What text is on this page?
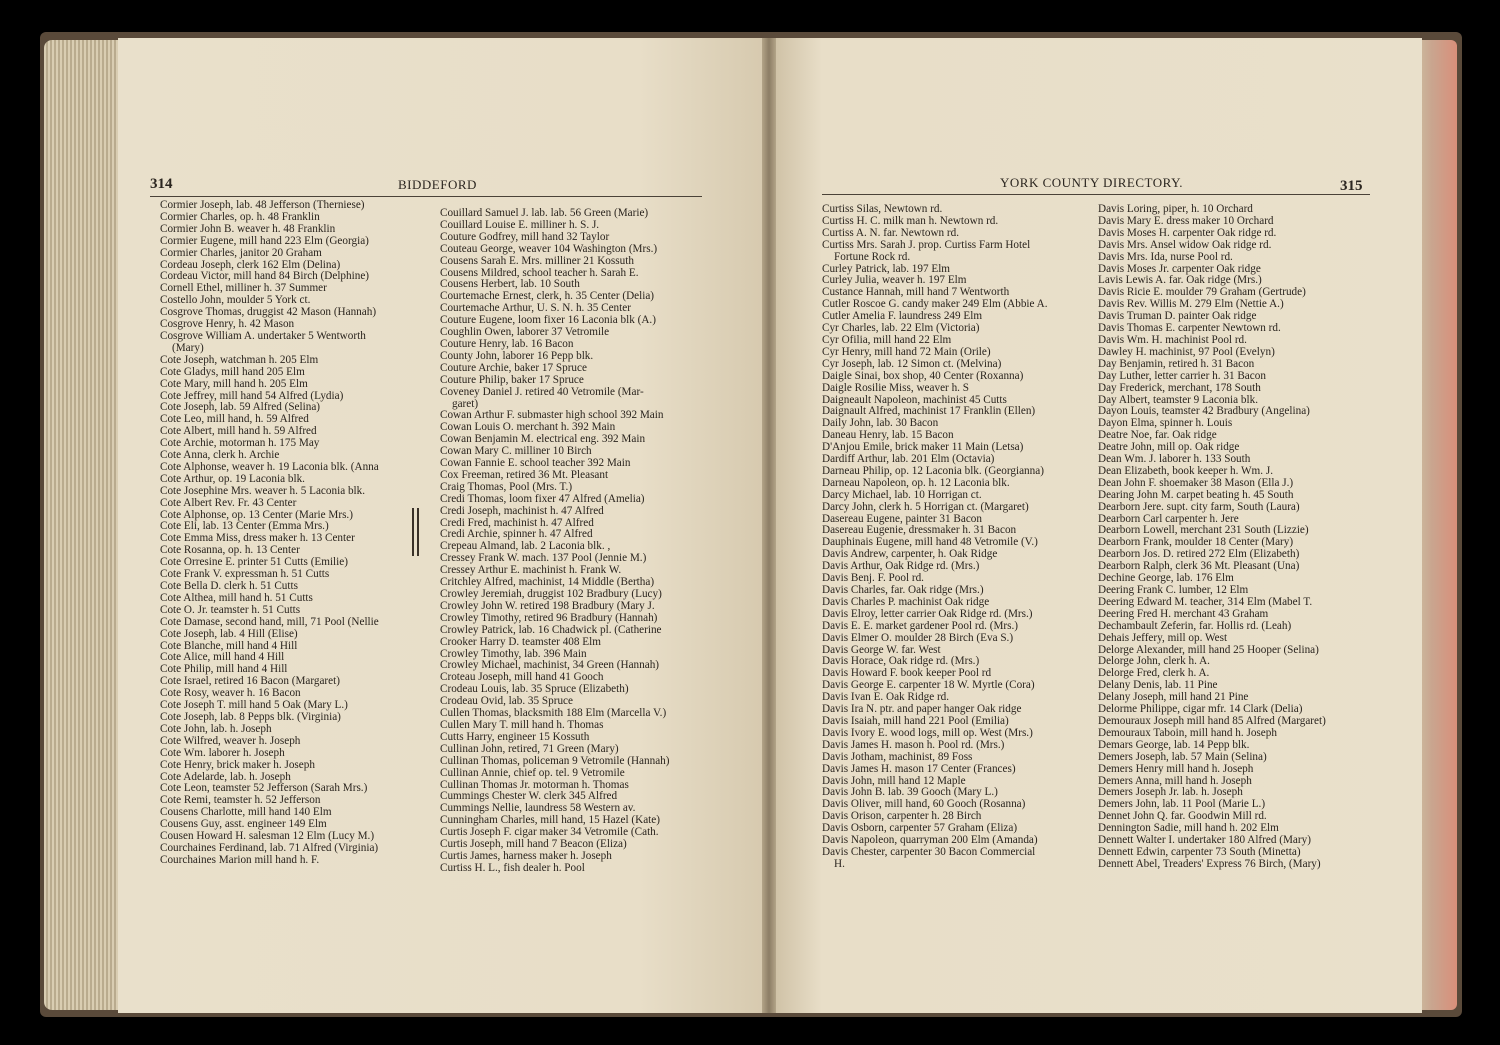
314	BIDDEFORD	YORK COUNTY DIRECTORY.	315
Cormier Joseph, lab. 48 Jefferson (Therniese)
Cormier Charles, op. h. 48 Franklin
Cormier John B. weaver h. 48 Franklin
Cormier Eugene, mill hand 223 Elm (Georgia)
Cormier Charles, janitor 20 Graham
Cordeau Joseph, clerk 162 Elm (Delina)
Cordeau Victor, mill hand 84 Birch (Delphine)
Cornell Ethel, milliner h. 37 Summer
Costello John, moulder 5 York ct.
Cosgrove Thomas, druggist 42 Mason (Hannah)
Cosgrove Henry, h. 42 Mason
Cosgrove William A. undertaker 5 Wentworth
(Mary)
Cote Joseph, watchman h. 205 Elm
Cote Gladys, mill hand 205 Elm
Cote Mary, mill hand h. 205 Elm
Cote Jeffrey, mill hand 54 Alfred (Lydia)
Cote Joseph, lab. 59 Alfred (Selina)
Cote Leo, mill hand, h. 59 Alfred
Cote Albert, mill hand h. 59 Alfred
Cote Archie, motorman h. 175 May
Cote Anna, clerk h. Archie
Cote Alphonse, weaver h. 19 Laconia blk. (Anna
Cote Arthur, op. 19 Laconia blk.
Cote Josephine Mrs. weaver h. 5 Laconia blk.
Cote Albert Rev. Fr. 43 Center
Cote Alphonse, op. 13 Center (Marie Mrs.)
Cote Eli, lab. 13 Center (Emma Mrs.)
Cote Emma Miss, dress maker h. 13 Center
Cote Rosanna, op. h. 13 Center
Cote Orresine E. printer 51 Cutts (Emilie)
Cote Frank V. expressman h. 51 Cutts
Cote Bella D. clerk h. 51 Cutts
Cote Althea, mill hand h. 51 Cutts
Cote O. Jr. teamster h. 51 Cutts
Cote Damase, second hand, mill, 71 Pool (Nellie
Cote Joseph, lab. 4 Hill (Elise)
Cote Blanche, mill hand 4 Hill
Cote Alice, mill hand 4 Hill
Cote Philip, mill hand 4 Hill
Cote Israel, retired 16 Bacon (Margaret)
Cote Rosy, weaver h. 16 Bacon
Cote Joseph T. mill hand 5 Oak (Mary L.)
Cote Joseph, lab. 8 Pepps blk. (Virginia)
Cote John, lab. h. Joseph
Cote Wilfred, weaver h. Joseph
Cote Wm. laborer h. Joseph
Cote Henry, brick maker h. Joseph
Cote Adelarde, lab. h. Joseph
Cote Leon, teamster 52 Jefferson (Sarah Mrs.)
Cote Remi, teamster h. 52 Jefferson
Cousens Charlotte, mill hand 140 Elm
Cousens Guy, asst. engineer 149 Elm
Cousen Howard H. salesman 12 Elm (Lucy M.)
Courchaines Ferdinand, lab. 71 Alfred (Virginia)
Courchaines Marion mill hand h. F.
Couillard Samuel J. lab. lab. 56 Green (Marie)
Couillard Louise E. milliner h. S. J.
Couture Godfrey, mill hand 32 Taylor
Couteau George, weaver 104 Washington (Mrs.)
Cousens Sarah E. Mrs. milliner 21 Kossuth
Cousens Mildred, school teacher h. Sarah E.
Cousens Herbert, lab. 10 South
Courtemache Ernest, clerk, h. 35 Center (Delia)
Courtemache Arthur, U. S. N. h. 35 Center
Couture Eugene, loom fixer 16 Laconia blk (A.)
Coughlin Owen, laborer 37 Vetromile
Couture Henry, lab. 16 Bacon
County John, laborer 16 Pepp blk.
Couture Archie, baker 17 Spruce
Couture Philip, baker 17 Spruce
Coveney Daniel J. retired 40 Vetromile (Mar-
garet)
Cowan Arthur F. submaster high school 392 Main
Cowan Louis O. merchant h. 392 Main
Cowan Benjamin M. electrical eng. 392 Main
Cowan Mary C. milliner 10 Birch
Cowan Fannie E. school teacher 392 Main
Cox Freeman, retired 36 Mt. Pleasant
Craig Thomas, Pool (Mrs. T.)
Credi Thomas, loom fixer 47 Alfred (Amelia)
Credi Joseph, machinist h. 47 Alfred
Credi Fred, machinist h. 47 Alfred
Credi Archie, spinner h. 47 Alfred
Crepeau Almand, lab. 2 Laconia blk. ,
Cressey Frank W. mach. 137 Pool (Jennie M.)
Cressey Arthur E. machinist h. Frank W.
Critchley Alfred, machinist, 14 Middle (Bertha)
Crowley Jeremiah, druggist 102 Bradbury (Lucy)
Crowley John W. retired 198 Bradbury (Mary J.
Crowley Timothy, retired 96 Bradbury (Hannah)
Crowley Patrick, lab. 16 Chadwick pl. (Catherine
Crooker Harry D. teamster 408 Elm
Crowley Timothy, lab. 396 Main
Crowley Michael, machinist, 34 Green (Hannah)
Croteau Joseph, mill hand 41 Gooch
Crodeau Louis, lab. 35 Spruce (Elizabeth)
Crodeau Ovid, lab. 35 Spruce
Cullen Thomas, blacksmith 188 Elm (Marcella V.)
Cullen Mary T. mill hand h. Thomas
Cutts Harry, engineer 15 Kossuth
Cullinan John, retired, 71 Green (Mary)
Cullinan Thomas, policeman 9 Vetromile (Hannah)
Cullinan Annie, chief op. tel. 9 Vetromile
Cullinan Thomas Jr. motorman h. Thomas
Cummings Chester W. clerk 345 Alfred
Cummings Nellie, laundress 58 Western av.
Cunningham Charles, mill hand, 15 Hazel (Kate)
Curtis Joseph F. cigar maker 34 Vetromile (Cath.
Curtis Joseph, mill hand 7 Beacon (Eliza)
Curtis James, harness maker h. Joseph
Curtiss H. L., fish dealer h. Pool
Curtiss Silas, Newtown rd.
Curtiss H. C. milk man h. Newtown rd.
Curtiss A. N. far. Newtown rd.
Curtiss Mrs. Sarah J. prop. Curtiss Farm Hotel
Fortune Rock rd.
Curley Patrick, lab. 197 Elm
Curley Julia, weaver h. 197 Elm
Custance Hannah, mill hand 7 Wentworth
Cutler Roscoe G. candy maker 249 Elm (Abbie A.
Cutler Amelia F. laundress 249 Elm
Cyr Charles, lab. 22 Elm (Victoria)
Cyr Ofilia, mill hand 22 Elm
Cyr Henry, mill hand 72 Main (Orile)
Cyr Joseph, lab. 12 Simon ct. (Melvina)
Daigle Sinai, box shop, 40 Center (Roxanna)
Daigle Rosilie Miss, weaver h. S
Daigneault Napoleon, machinist 45 Cutts
Daignault Alfred, machinist 17 Franklin (Ellen)
Daily John, lab. 30 Bacon
Daneau Henry, lab. 15 Bacon
D'Anjou Emile, brick maker 11 Main (Letsa)
Dardiff Arthur, lab. 201 Elm (Octavia)
Darneau Philip, op. 12 Laconia blk. (Georgianna)
Darneau Napoleon, op. h. 12 Laconia blk.
Darcy Michael, lab. 10 Horrigan ct.
Darcy John, clerk h. 5 Horrigan ct. (Margaret)
Dasereau Eugene, painter 31 Bacon
Dasereau Eugenie, dressmaker h. 31 Bacon
Dauphinais Eugene, mill hand 48 Vetromile (V.)
Davis Andrew, carpenter, h. Oak Ridge
Davis Arthur, Oak Ridge rd. (Mrs.)
Davis Benj. F. Pool rd.
Davis Charles, far. Oak ridge (Mrs.)
Davis Charles P. machinist Oak ridge
Davis Elroy, letter carrier Oak Ridge rd. (Mrs.)
Davis E. E. market gardener Pool rd. (Mrs.)
Davis Elmer O. moulder 28 Birch (Eva S.)
Davis George W. far. West
Davis Horace, Oak ridge rd. (Mrs.)
Davis Howard F. book keeper Pool rd
Davis George E. carpenter 18 W. Myrtle (Cora)
Davis Ivan E. Oak Ridge rd.
Davis Ira N. ptr. and paper hanger Oak ridge
Davis Isaiah, mill hand 221 Pool (Emilia)
Davis Ivory E. wood logs, mill op. West (Mrs.)
Davis James H. mason h. Pool rd. (Mrs.)
Davis Jotham, machinist, 89 Foss
Davis James H. mason 17 Center (Frances)
Davis John, mill hand 12 Maple
Davis John B. lab. 39 Gooch (Mary L.)
Davis Oliver, mill hand, 60 Gooch (Rosanna)
Davis Orison, carpenter h. 28 Birch
Davis Osborn, carpenter 57 Graham (Eliza)
Davis Napoleon, quarryman 200 Elm (Amanda)
Davis Chester, carpenter 30 Bacon Commercial
H.
Davis Loring, piper, h. 10 Orchard
Davis Mary E. dress maker 10 Orchard
Davis Moses H. carpenter Oak ridge rd.
Davis Mrs. Ansel widow Oak ridge rd.
Davis Mrs. Ida, nurse Pool rd.
Davis Moses Jr. carpenter Oak ridge
Lavis Lewis A. far. Oak ridge (Mrs.)
Davis Ricie E. moulder 79 Graham (Gertrude)
Davis Rev. Willis M. 279 Elm (Nettie A.)
Davis Truman D. painter Oak ridge
Davis Thomas E. carpenter Newtown rd.
Davis Wm. H. machinist Pool rd.
Dawley H. machinist, 97 Pool (Evelyn)
Day Benjamin, retired h. 31 Bacon
Day Luther, letter carrier h. 31 Bacon
Day Frederick, merchant, 178 South
Day Albert, teamster 9 Laconia blk.
Dayon Louis, teamster 42 Bradbury (Angelina)
Dayon Elma, spinner h. Louis
Deatre Noe, far. Oak ridge
Deatre John, mill op. Oak ridge
Dean Wm. J. laborer h. 133 South
Dean Elizabeth, book keeper h. Wm. J.
Dean John F. shoemaker 38 Mason (Ella J.)
Dearing John M. carpet beating h. 45 South
Dearborn Jere. supt. city farm, South (Laura)
Dearborn Carl carpenter h. Jere
Dearborn Lowell, merchant 231 South (Lizzie)
Dearborn Frank, moulder 18 Center (Mary)
Dearborn Jos. D. retired 272 Elm (Elizabeth)
Dearborn Ralph, clerk 36 Mt. Pleasant (Una)
Dechine George, lab. 176 Elm
Deering Frank C. lumber, 12 Elm
Deering Edward M. teacher, 314 Elm (Mabel T.
Deering Fred H. merchant 43 Graham
Dechambault Zeferin, far. Hollis rd. (Leah)
Dehais Jeffery, mill op. West
Delorge Alexander, mill hand 25 Hooper (Selina)
Delorge John, clerk h. A.
Delorge Fred, clerk h. A.
Delany Denis, lab. 11 Pine
Delany Joseph, mill hand 21 Pine
Delorme Philippe, cigar mfr. 14 Clark (Delia)
Demouraux Joseph mill hand 85 Alfred (Margaret)
Demouraux Taboin, mill hand h. Joseph
Demars George, lab. 14 Pepp blk.
Demers Joseph, lab. 57 Main (Selina)
Demers Henry mill hand h. Joseph
Demers Anna, mill hand h. Joseph
Demers Joseph Jr. lab. h. Joseph
Demers John, lab. 11 Pool (Marie L.)
Dennet John Q. far. Goodwin Mill rd.
Dennington Sadie, mill hand h. 202 Elm
Dennett Walter I. undertaker 180 Alfred (Mary)
Dennett Edwin, carpenter 73 South (Minetta)
Dennett Abel, Treaders' Express 76 Birch, (Mary)
